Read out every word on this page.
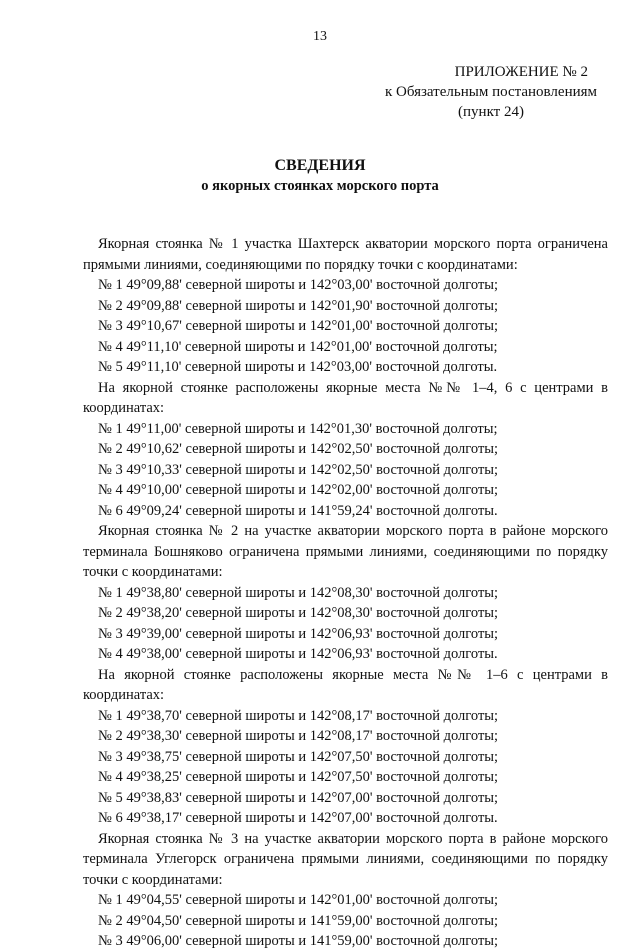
13
ПРИЛОЖЕНИЕ № 2
к Обязательным постановлениям
(пункт 24)
СВЕДЕНИЯ
о якорных стоянках морского порта

Якорная стоянка № 1 участка Шахтерск акватории морского порта ограничена прямыми линиями, соединяющими по порядку точки с координатами:

№ 1 49°09,88' северной широты и 142°03,00' восточной долготы;

№ 2 49°09,88' северной широты и 142°01,90' восточной долготы;

№ 3 49°10,67' северной широты и 142°01,00' восточной долготы;

№ 4 49°11,10' северной широты и 142°01,00' восточной долготы;

№ 5 49°11,10' северной широты и 142°03,00' восточной долготы.

На якорной стоянке расположены якорные места №№ 1–4, 6 с центрами в координатах:

№ 1 49°11,00' северной широты и 142°01,30' восточной долготы;

№ 2 49°10,62' северной широты и 142°02,50' восточной долготы;

№ 3 49°10,33' северной широты и 142°02,50' восточной долготы;

№ 4 49°10,00' северной широты и 142°02,00' восточной долготы;

№ 6 49°09,24' северной широты и 141°59,24' восточной долготы.

Якорная стоянка № 2 на участке акватории морского порта в районе морского терминала Бошняково ограничена прямыми линиями, соединяющими по порядку точки с координатами:

№ 1 49°38,80' северной широты и 142°08,30' восточной долготы;

№ 2 49°38,20' северной широты и 142°08,30' восточной долготы;

№ 3 49°39,00' северной широты и 142°06,93' восточной долготы;

№ 4 49°38,00' северной широты и 142°06,93' восточной долготы.

На якорной стоянке расположены якорные места №№ 1–6 с центрами в координатах:

№ 1 49°38,70' северной широты и 142°08,17' восточной долготы;

№ 2 49°38,30' северной широты и 142°08,17' восточной долготы;

№ 3 49°38,75' северной широты и 142°07,50' восточной долготы;

№ 4 49°38,25' северной широты и 142°07,50' восточной долготы;

№ 5 49°38,83' северной широты и 142°07,00' восточной долготы;

№ 6 49°38,17' северной широты и 142°07,00' восточной долготы.

Якорная стоянка № 3 на участке акватории морского порта в районе морского терминала Углегорск ограничена прямыми линиями, соединяющими по порядку точки с координатами:

№ 1 49°04,55' северной широты и 142°01,00' восточной долготы;

№ 2 49°04,50' северной широты и 141°59,00' восточной долготы;

№ 3 49°06,00' северной широты и 141°59,00' восточной долготы;
